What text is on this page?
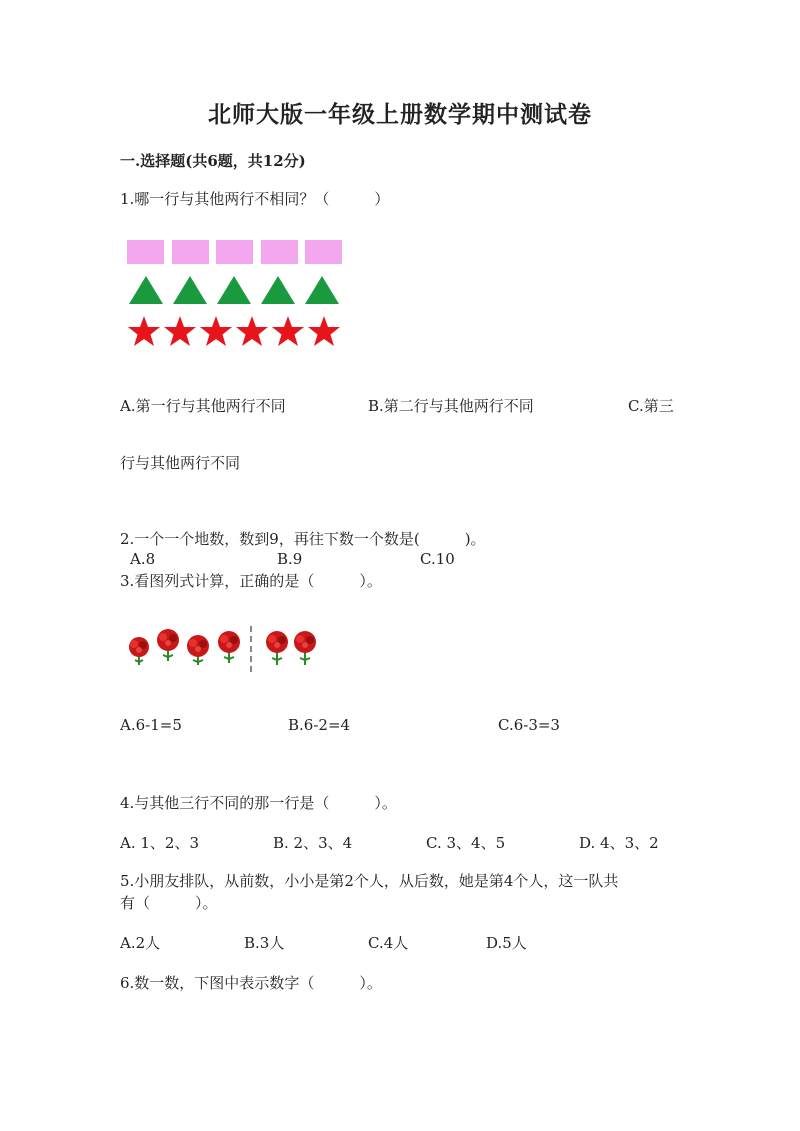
北师大版一年级上册数学期中测试卷
一.选择题(共6题，共12分)
1.哪一行与其他两行不相同？（　　　）
A.第一行与其他两行不同	B.第二行与其他两行不同	C.第三
行与其他两行不同
2.一个一个地数，数到9，再往下数一个数是(　　　)。
A.8	B.9	C.10
3.看图列式计算，正确的是（　　　）。
A.6-1=5	B.6-2=4	C.6-3=3
4.与其他三行不同的那一行是（　　　）。
A. 1、2、3	B. 2、3、4	C. 3、4、5	D. 4、3、2
5.小朋友排队，从前数，小小是第2个人，从后数，她是第4个人，这一队共
有（　　　）。
A.2人	B.3人	C.4人	D.5人
6.数一数，下图中表示数字（　　　）。
